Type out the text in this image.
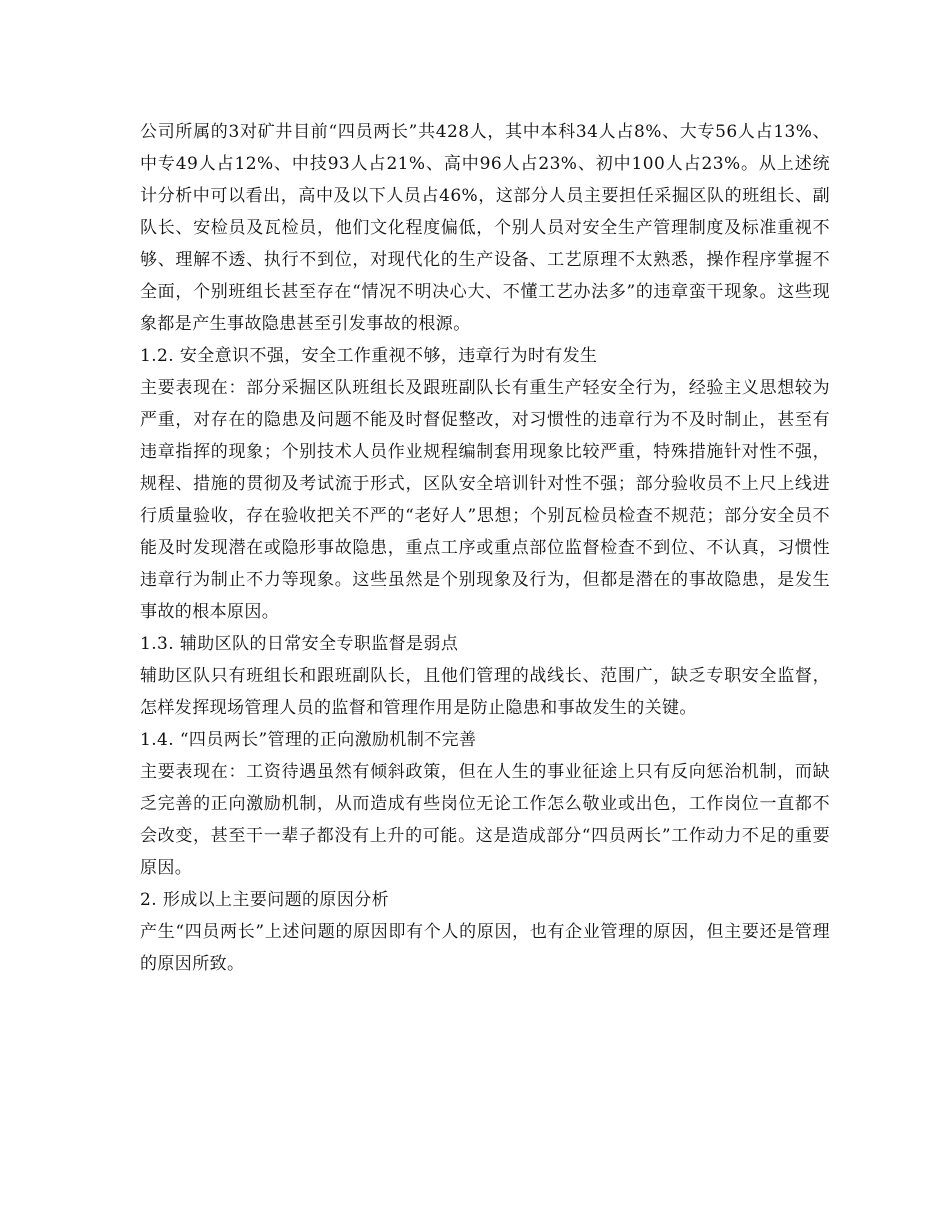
公司所属的3对矿井目前“四员两长”共428人，其中本科34人占8%、大专56人占13%、中专49人占12%、中技93人占21%、高中96人占23%、初中100人占23%。从上述统计分析中可以看出，高中及以下人员占46%，这部分人员主要担任采掘区队的班组长、副队长、安检员及瓦检员，他们文化程度偏低，个别人员对安全生产管理制度及标准重视不够、理解不透、执行不到位，对现代化的生产设备、工艺原理不太熟悉，操作程序掌握不全面，个别班组长甚至存在“情况不明决心大、不懂工艺办法多”的违章蛮干现象。这些现象都是产生事故隐患甚至引发事故的根源。

1.2. 安全意识不强，安全工作重视不够，违章行为时有发生

主要表现在：部分采掘区队班组长及跟班副队长有重生产轻安全行为，经验主义思想较为严重，对存在的隐患及问题不能及时督促整改，对习惯性的违章行为不及时制止，甚至有违章指挥的现象；个别技术人员作业规程编制套用现象比较严重，特殊措施针对性不强，规程、措施的贯彻及考试流于形式，区队安全培训针对性不强；部分验收员不上尺上线进行质量验收，存在验收把关不严的“老好人”思想；个别瓦检员检查不规范；部分安全员不能及时发现潜在或隐形事故隐患，重点工序或重点部位监督检查不到位、不认真，习惯性违章行为制止不力等现象。这些虽然是个别现象及行为，但都是潜在的事故隐患，是发生事故的根本原因。

1.3. 辅助区队的日常安全专职监督是弱点

辅助区队只有班组长和跟班副队长，且他们管理的战线长、范围广，缺乏专职安全监督，怎样发挥现场管理人员的监督和管理作用是防止隐患和事故发生的关键。

1.4. “四员两长”管理的正向激励机制不完善

主要表现在：工资待遇虽然有倾斜政策，但在人生的事业征途上只有反向惩治机制，而缺乏完善的正向激励机制，从而造成有些岗位无论工作怎么敬业或出色，工作岗位一直都不会改变，甚至干一辈子都没有上升的可能。这是造成部分“四员两长”工作动力不足的重要原因。

2. 形成以上主要问题的原因分析

产生“四员两长”上述问题的原因即有个人的原因，也有企业管理的原因，但主要还是管理的原因所致。
